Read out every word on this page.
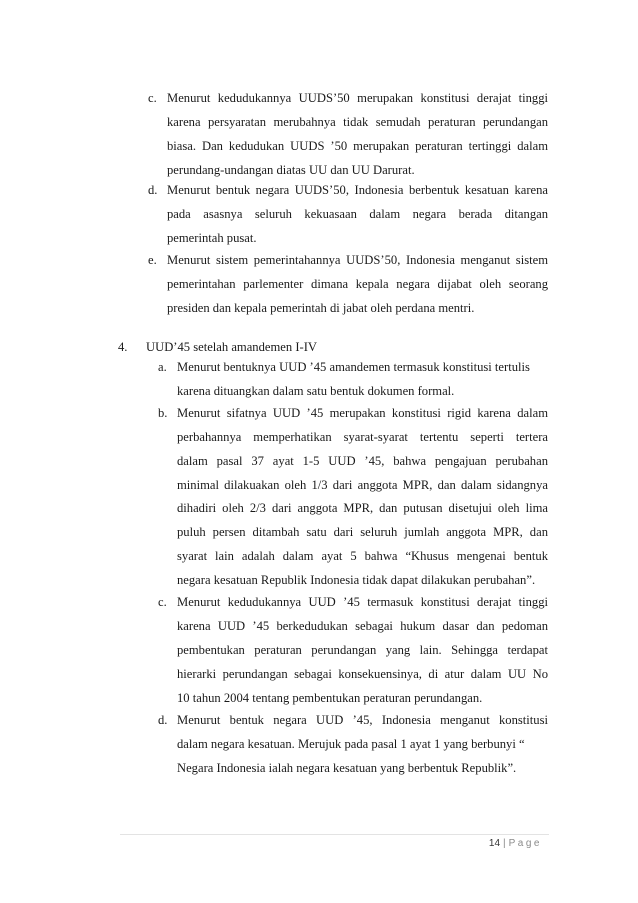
c. Menurut kedudukannya UUDS’50 merupakan konstitusi derajat tinggi
karena persyaratan merubahnya tidak semudah peraturan perundangan
biasa. Dan kedudukan UUDS ’50 merupakan peraturan tertinggi dalam
perundang-undangan diatas UU dan UU Darurat.
d. Menurut bentuk negara UUDS’50, Indonesia berbentuk kesatuan karena
pada asasnya seluruh kekuasaan dalam negara berada ditangan
pemerintah pusat.
e. Menurut sistem pemerintahannya UUDS’50, Indonesia menganut sistem
pemerintahan parlementer dimana kepala negara dijabat oleh seorang
presiden dan kepala pemerintah di jabat oleh perdana mentri.
4. UUD’45 setelah amandemen I-IV
a. Menurut bentuknya UUD ’45 amandemen termasuk konstitusi tertulis
karena dituangkan dalam satu bentuk dokumen formal.
b. Menurut sifatnya UUD ’45 merupakan konstitusi rigid karena dalam
perbahannya memperhatikan syarat-syarat tertentu seperti tertera
dalam pasal 37 ayat 1-5 UUD ’45, bahwa pengajuan perubahan
minimal dilakuakan oleh 1/3 dari anggota MPR, dan dalam sidangnya
dihadiri oleh 2/3 dari anggota MPR, dan putusan disetujui oleh lima
puluh persen ditambah satu dari seluruh jumlah anggota MPR, dan
syarat lain adalah dalam ayat 5 bahwa “Khusus mengenai bentuk
negara kesatuan Republik Indonesia tidak dapat dilakukan perubahan”.
c. Menurut kedudukannya UUD ’45 termasuk konstitusi derajat tinggi
karena UUD ’45 berkedudukan sebagai hukum dasar dan pedoman
pembentukan peraturan perundangan yang lain. Sehingga terdapat
hierarki perundangan sebagai konsekuensinya, di atur dalam UU No
10 tahun 2004 tentang pembentukan peraturan perundangan.
d. Menurut bentuk negara UUD ’45, Indonesia menganut konstitusi
dalam negara kesatuan. Merujuk pada pasal 1 ayat 1 yang berbunyi “
Negara Indonesia ialah negara kesatuan yang berbentuk Republik”.
14 | Page
